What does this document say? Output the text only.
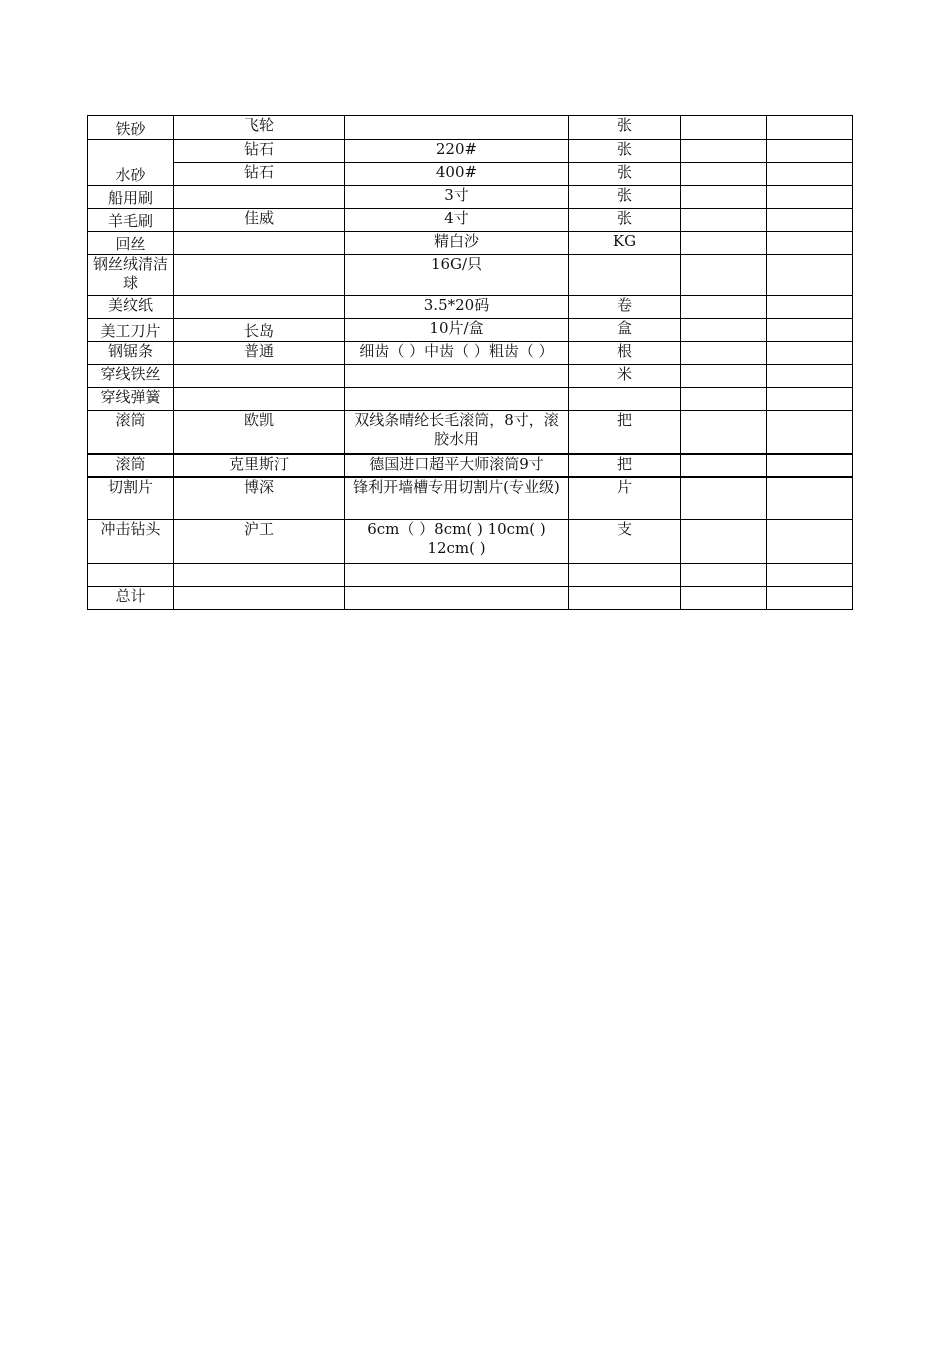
铁砂	飞轮		张		
水砂	钻石	220#	张		
	钻石	400#	张		
船用刷		3寸	张		
羊毛刷	佳威	4寸	张		
回丝		精白沙	KG		
钢丝绒清洁球		16G/只			
美纹纸		3.5*20码	卷		
美工刀片	长岛	10片/盒	盒		
钢锯条	普通	细齿（ ）中齿（ ）粗齿（ ）	根		
穿线铁丝			米		
穿线弹簧					
滚筒	欧凯	双线条晴纶长毛滚筒，8寸，滚胶水用	把		
滚筒	克里斯汀	德国进口超平大师滚筒9寸	把		
切割片	博深	锋利开墙槽专用切割片(专业级)	片		
冲击钻头	沪工	6cm（ ）8cm( ) 10cm( ) 12cm( )	支		

总计					
